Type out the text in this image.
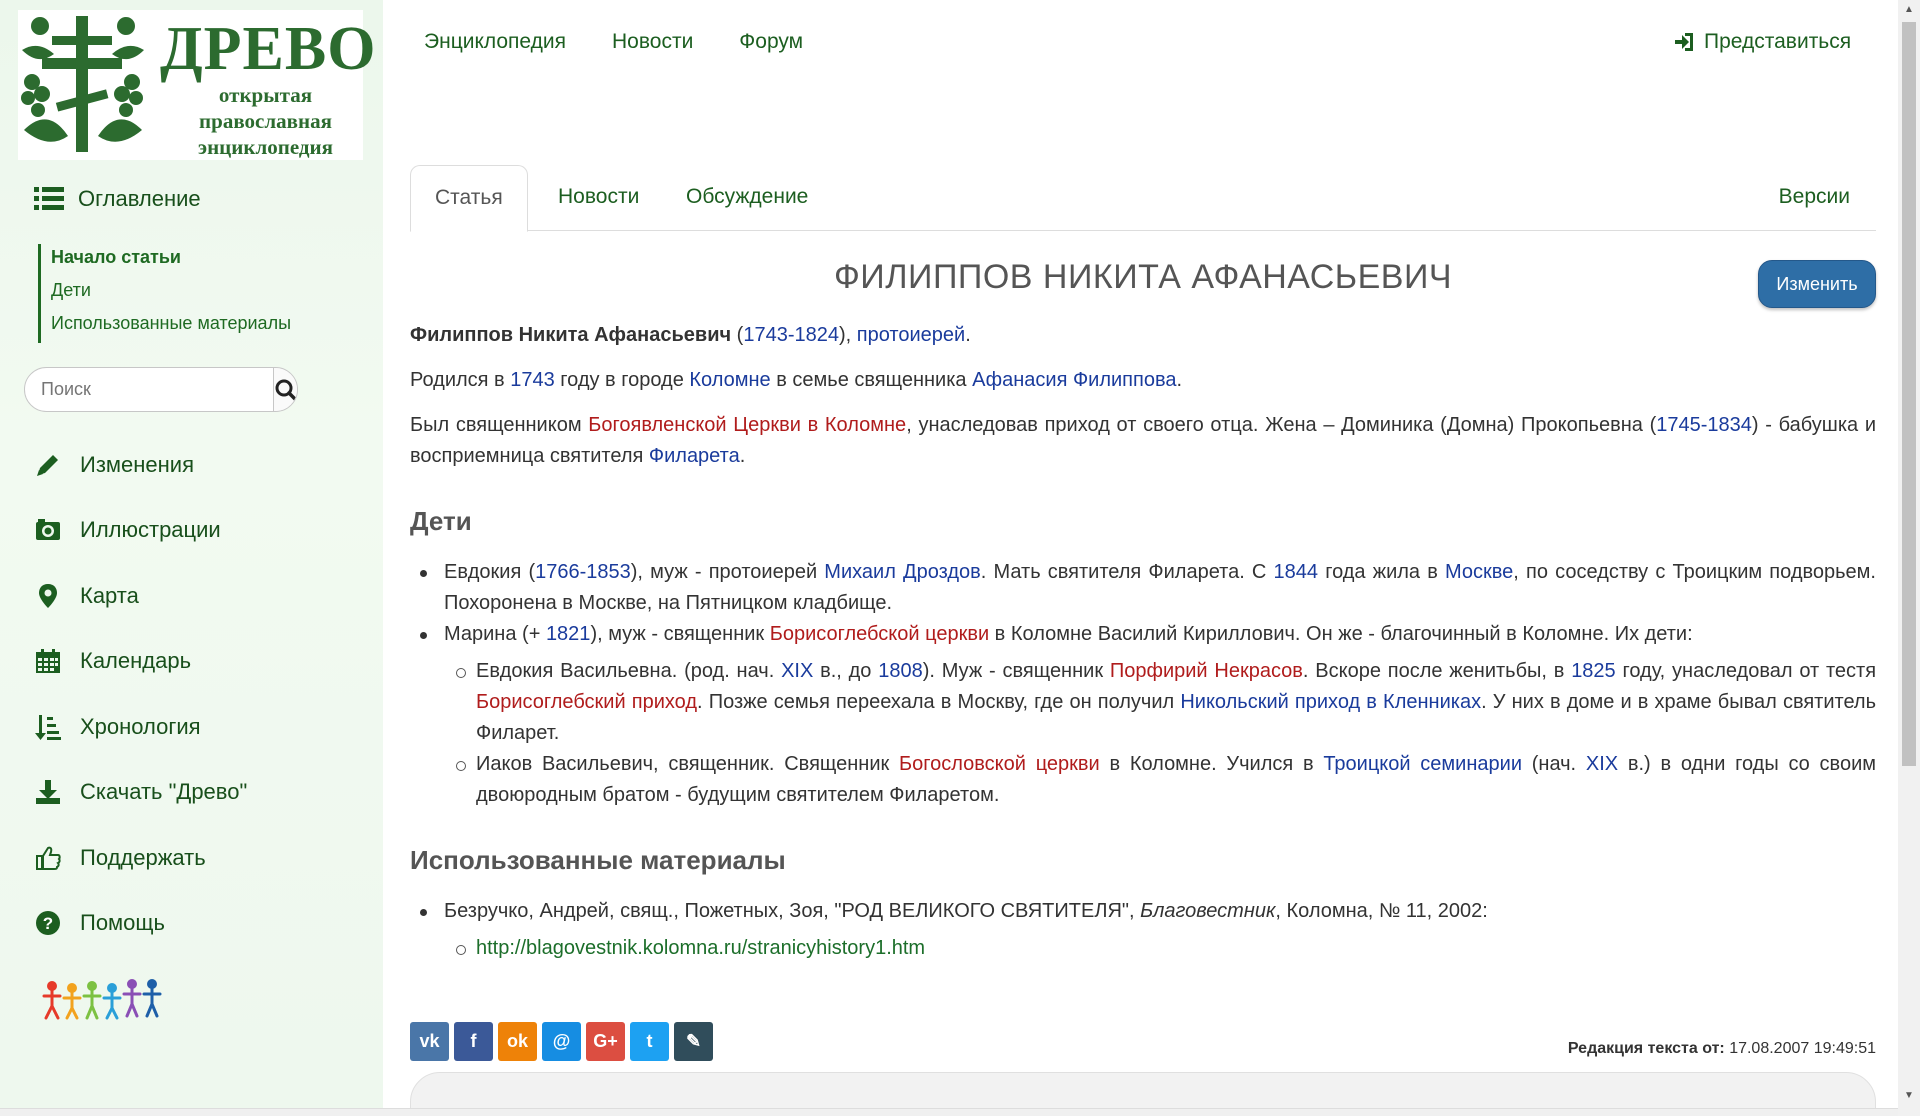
ДРЕВО
открытая
православная
энциклопедия
Оглавление
Начало статьи
Дети
Использованные материалы
Поиск
Изменения
Иллюстрации
Карта
Календарь
Хронология
Скачать "Древо"
Поддержать
? Помощь
Энциклопедия Новости Форум	Представиться
Статья	Новости	Обсуждение	Версии
ФИЛИППОВ НИКИТА АФАНАСЬЕВИЧ	Изменить

Филиппов Никита Афанасьевич (1743-1824), протоиерей.

Родился в 1743 году в городе Коломне в семье священника Афанасия Филиппова.

Был священником Богоявленской Церкви в Коломне, унаследовав приход от своего отца. Жена – Доминика (Домна) Прокопьевна (1745-1834) - бабушка и восприемница святителя Филарета.

Дети
Евдокия (1766-1853), муж - протоиерей Михаил Дроздов. Мать святителя Филарета. С 1844 года жила в Москве, по соседству с Троицким подворьем. Похоронена в Москве, на Пятницком кладбище.
Марина (+ 1821), муж - священник Борисоглебской церкви в Коломне Василий Кириллович. Он же - благочинный в Коломне. Их дети:
Евдокия Васильевна. (род. нач. XIX в., до 1808). Муж - священник Порфирий Некрасов. Вскоре после женитьбы, в 1825 году, унаследовал от тестя Борисоглебский приход. Позже семья переехала в Москву, где он получил Никольский приход в Кленниках. У них в доме и в храме бывал святитель Филарет.
Иаков Васильевич, священник. Священник Богословской церкви в Коломне. Учился в Троицкой семинарии (нач. XIX в.) в одни годы со своим двоюродным братом - будущим святителем Филаретом.
Использованные материалы
Безручко, Андрей, свящ., Пожетных, Зоя, "РОД ВЕЛИКОГО СВЯТИТЕЛЯ", Благовестник, Коломна, № 11, 2002:
http://blagovestnik.kolomna.ru/stranicyhistory1.htm
vk	f	ok	@	G+	t	✎	Редакция текста от: 17.08.2007 19:49:51
▲
▼
